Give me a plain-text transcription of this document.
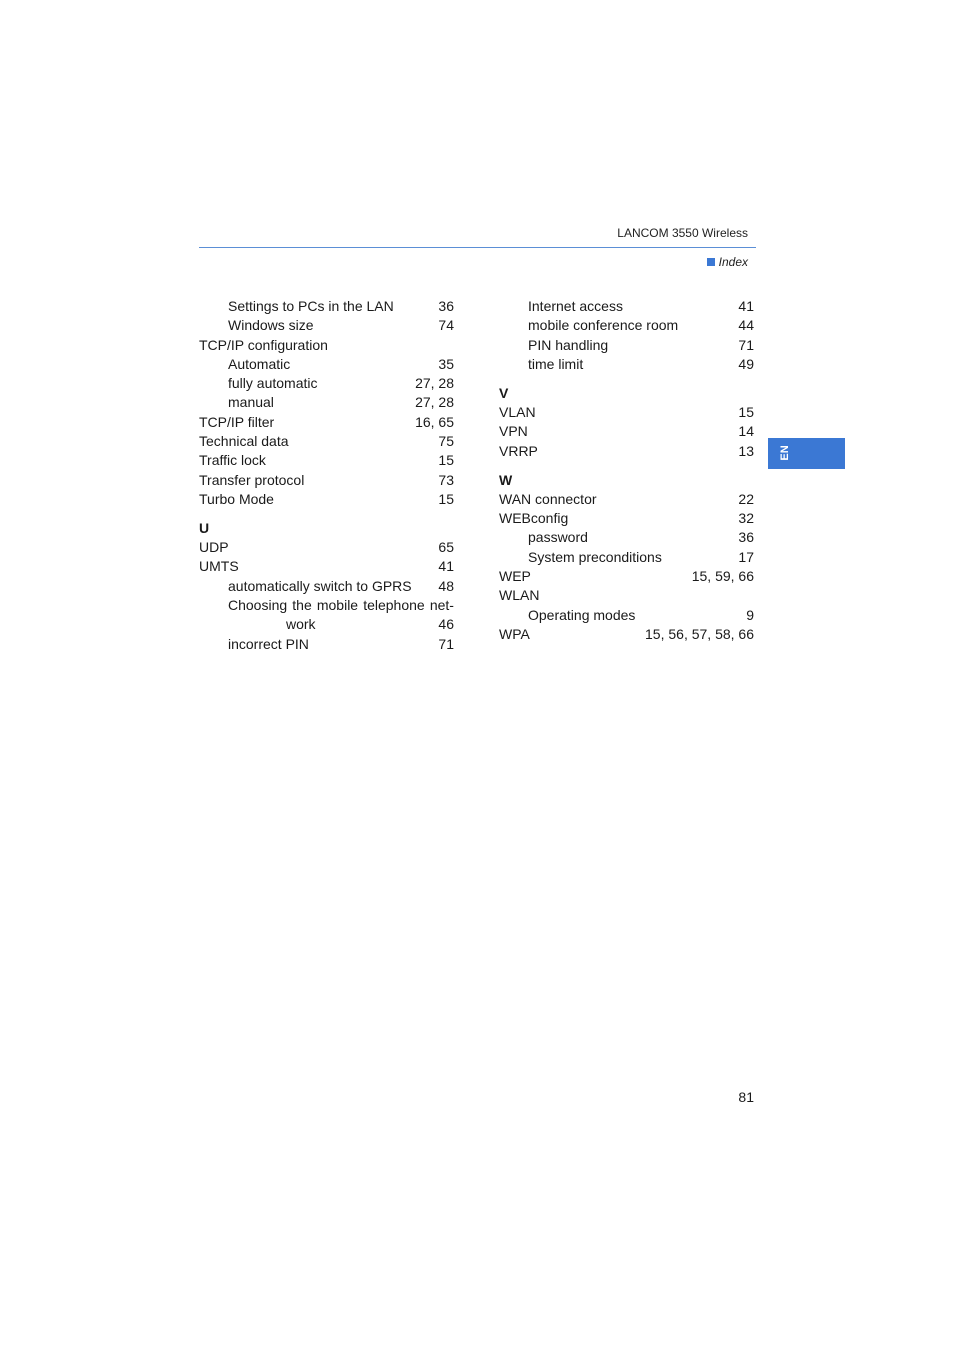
LANCOM 3550 Wireless
Index
EN
Settings to PCs in the LAN	36
Windows size	74
TCP/IP configuration
Automatic	35
fully automatic	27, 28
manual	27, 28
TCP/IP filter	16, 65
Technical data	75
Traffic lock	15
Transfer protocol	73
Turbo Mode	15
U
UDP	65
UMTS	41
automatically switch to GPRS 48
Choosing the mobile telephone net-
work	46
incorrect PIN	71
Internet access	41
mobile conference room	44
PIN handling	71
time limit	49
V
VLAN	15
VPN	14
VRRP	13
W
WAN connector	22
WEBconfig	32
password	36
System preconditions	17
WEP	15, 59, 66
WLAN
Operating modes	9
WPA	15, 56, 57, 58, 66
81
